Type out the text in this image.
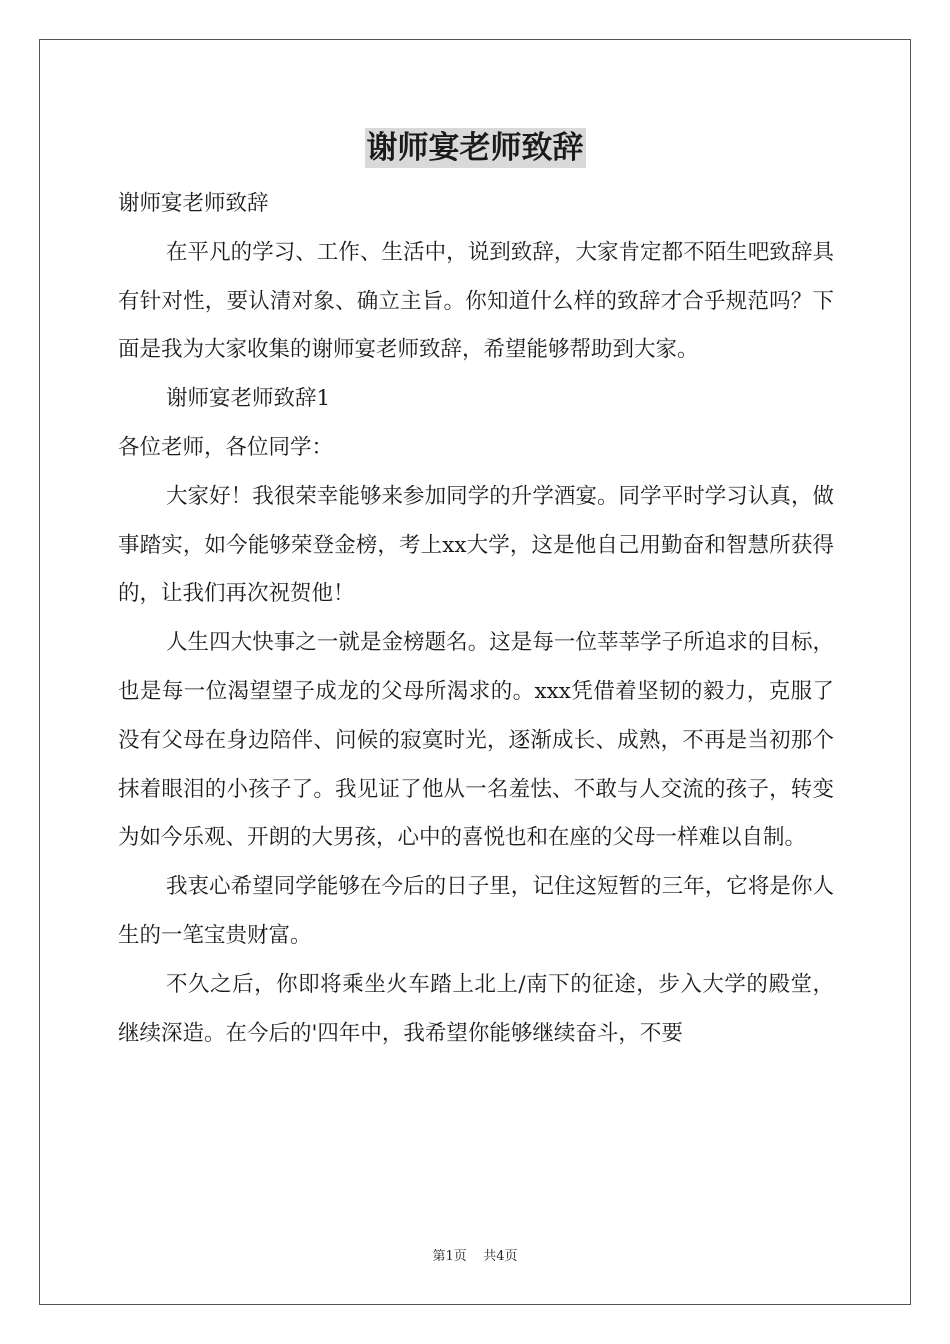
谢师宴老师致辞

谢师宴老师致辞

在平凡的学习、工作、生活中，说到致辞，大家肯定都不陌生吧致辞具有针对性，要认清对象、确立主旨。你知道什么样的致辞才合乎规范吗？下面是我为大家收集的谢师宴老师致辞，希望能够帮助到大家。

谢师宴老师致辞1

各位老师，各位同学：

大家好！我很荣幸能够来参加同学的升学酒宴。同学平时学习认真，做事踏实，如今能够荣登金榜，考上xx大学，这是他自己用勤奋和智慧所获得的，让我们再次祝贺他！

人生四大快事之一就是金榜题名。这是每一位莘莘学子所追求的目标，也是每一位渴望望子成龙的父母所渴求的。xxx凭借着坚韧的毅力，克服了没有父母在身边陪伴、问候的寂寞时光，逐渐成长、成熟，不再是当初那个抹着眼泪的小孩子了。我见证了他从一名羞怯、不敢与人交流的孩子，转变为如今乐观、开朗的大男孩，心中的喜悦也和在座的父母一样难以自制。

我衷心希望同学能够在今后的日子里，记住这短暂的三年，它将是你人生的一笔宝贵财富。

不久之后，你即将乘坐火车踏上北上/南下的征途，步入大学的殿堂，继续深造。在今后的'四年中，我希望你能够继续奋斗，不要

第1页 共4页
